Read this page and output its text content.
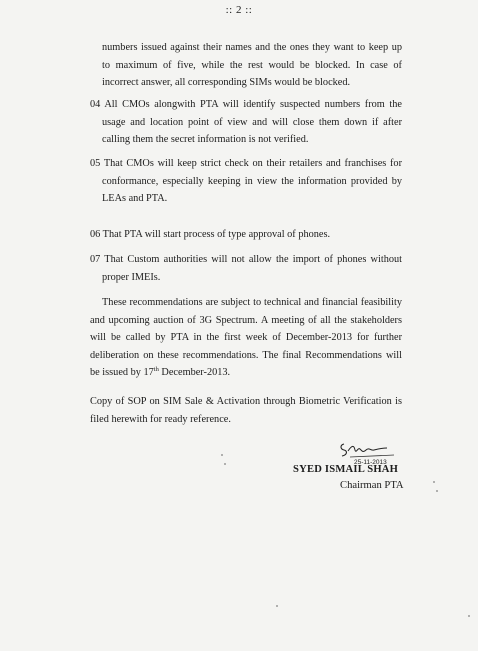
:: 2 ::
numbers issued against their names and the ones they want to keep up
to maximum of five, while the rest would be blocked. In case of
incorrect answer, all corresponding SIMs would be blocked.
04 All CMOs alongwith PTA will identify suspected numbers from the
usage and location point of view and will close them down if after
calling them the secret information is not verified.
05 That CMOs will keep strict check on their retailers and franchises for
conformance, especially keeping in view the information provided by
LEAs and PTA.
06 That PTA will start process of type approval of phones.
07 That Custom authorities will not allow the import of phones without
proper IMEIs.
These recommendations are subject to technical and financial feasibility
and upcoming auction of 3G Spectrum. A meeting of all the stakeholders
will be called by PTA in the first week of December-2013 for further
deliberation on these recommendations. The final Recommendations will
be issued by 17th December-2013.
Copy of SOP on SIM Sale & Activation through Biometric Verification is
filed herewith for ready reference.
25-11-2013
SYED ISMAIL SHAH
Chairman PTA
